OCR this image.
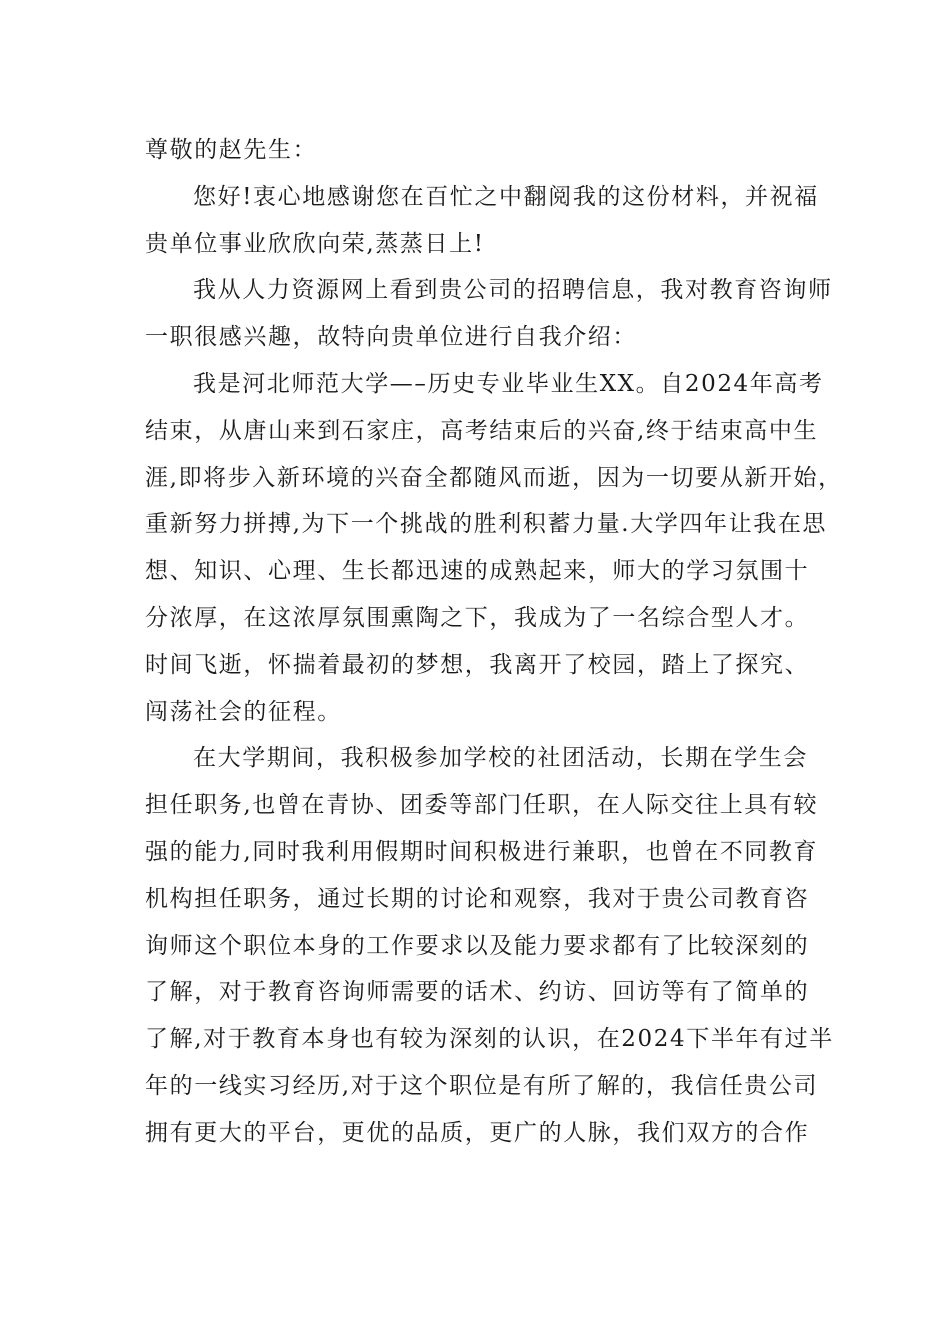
尊敬的赵先生：
您好!衷心地感谢您在百忙之中翻阅我的这份材料，并祝福
贵单位事业欣欣向荣,蒸蒸日上!
我从人力资源网上看到贵公司的招聘信息，我对教育咨询师
一职很感兴趣，故特向贵单位进行自我介绍：
我是河北师范大学—–历史专业毕业生XX。自2024年高考
结束，从唐山来到石家庄，高考结束后的兴奋,终于结束高中生
涯,即将步入新环境的兴奋全都随风而逝，因为一切要从新开始，
重新努力拼搏,为下一个挑战的胜利积蓄力量.大学四年让我在思
想、知识、心理、生长都迅速的成熟起来，师大的学习氛围十
分浓厚，在这浓厚氛围熏陶之下，我成为了一名综合型人才。
时间飞逝，怀揣着最初的梦想，我离开了校园，踏上了探究、
闯荡社会的征程。
在大学期间，我积极参加学校的社团活动，长期在学生会
担任职务,也曾在青协、团委等部门任职，在人际交往上具有较
强的能力,同时我利用假期时间积极进行兼职，也曾在不同教育
机构担任职务，通过长期的讨论和观察，我对于贵公司教育咨
询师这个职位本身的工作要求以及能力要求都有了比较深刻的
了解，对于教育咨询师需要的话术、约访、回访等有了简单的
了解,对于教育本身也有较为深刻的认识，在2024下半年有过半
年的一线实习经历,对于这个职位是有所了解的，我信任贵公司
拥有更大的平台，更优的品质，更广的人脉，我们双方的合作
